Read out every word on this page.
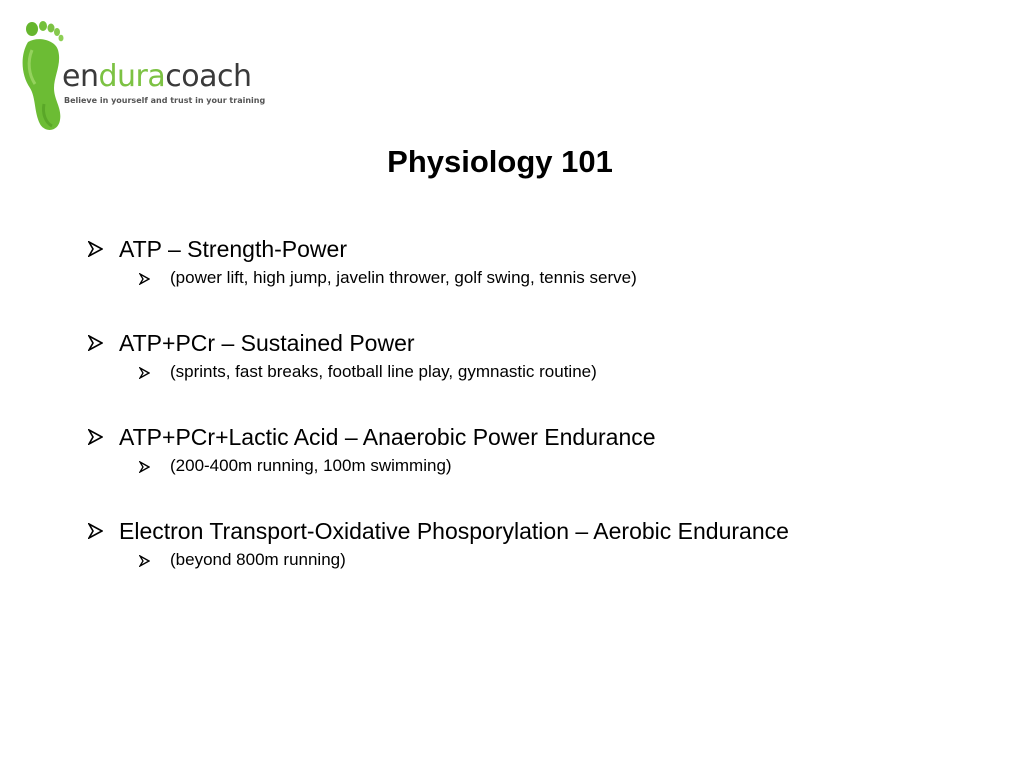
enduracoach
Believe in yourself and trust in your training
Physiology 101
ATP – Strength-Power
(power lift, high jump, javelin thrower, golf swing, tennis serve)
ATP+PCr – Sustained Power
(sprints, fast breaks, football line play, gymnastic routine)
ATP+PCr+Lactic Acid – Anaerobic Power Endurance
(200-400m running, 100m swimming)
Electron Transport-Oxidative Phosporylation – Aerobic Endurance
(beyond 800m running)
